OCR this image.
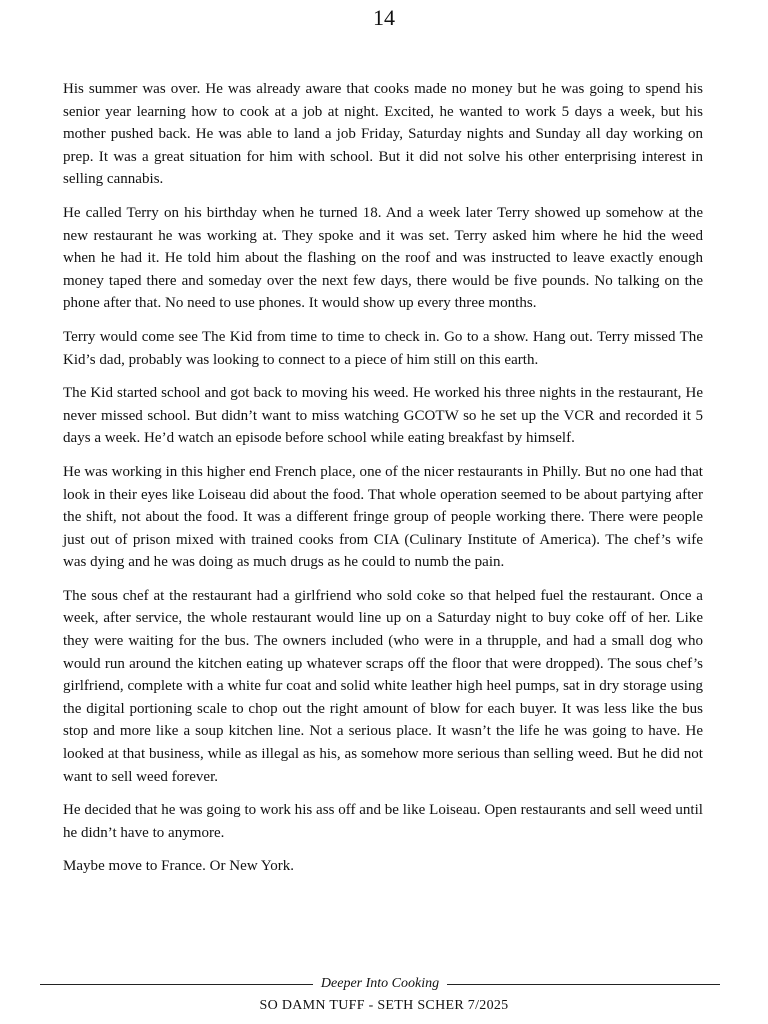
14

His summer was over. He was already aware that cooks made no money but he was going to spend his senior year learning how to cook at a job at night. Excited, he wanted to work 5 days a week, but his mother pushed back. He was able to land a job Friday, Saturday nights and Sunday all day working on prep. It was a great situation for him with school. But it did not solve his other enterprising interest in selling cannabis.

He called Terry on his birthday when he turned 18. And a week later Terry showed up somehow at the new restaurant he was working at. They spoke and it was set. Terry asked him where he hid the weed when he had it. He told him about the flashing on the roof and was instructed to leave exactly enough money taped there and someday over the next few days, there would be five pounds. No talking on the phone after that. No need to use phones. It would show up every three months.

Terry would come see The Kid from time to time to check in. Go to a show. Hang out. Terry missed The Kid’s dad, probably was looking to connect to a piece of him still on this earth.

The Kid started school and got back to moving his weed. He worked his three nights in the restaurant, He never missed school. But didn’t want to miss watching GCOTW so he set up the VCR and recorded it 5 days a week. He’d watch an episode before school while eating breakfast by himself.

He was working in this higher end French place, one of the nicer restaurants in Philly. But no one had that look in their eyes like Loiseau did about the food. That whole operation seemed to be about partying after the shift, not about the food. It was a different fringe group of people working there. There were people just out of prison mixed with trained cooks from CIA (Culinary Institute of America). The chef’s wife was dying and he was doing as much drugs as he could to numb the pain.

The sous chef at the restaurant had a girlfriend who sold coke so that helped fuel the restaurant. Once a week, after service, the whole restaurant would line up on a Saturday night to buy coke off of her. Like they were waiting for the bus. The owners included (who were in a thrupple, and had a small dog who would run around the kitchen eating up whatever scraps off the floor that were dropped). The sous chef’s girlfriend, complete with a white fur coat and solid white leather high heel pumps, sat in dry storage using the digital portioning scale to chop out the right amount of blow for each buyer. It was less like the bus stop and more like a soup kitchen line. Not a serious place. It wasn’t the life he was going to have. He looked at that business, while as illegal as his, as somehow more serious than selling weed. But he did not want to sell weed forever.

He decided that he was going to work his ass off and be like Loiseau. Open restaurants and sell weed until he didn’t have to anymore.

Maybe move to France. Or New York.

Deeper Into Cooking
SO DAMN TUFF - SETH SCHER 7/2025
